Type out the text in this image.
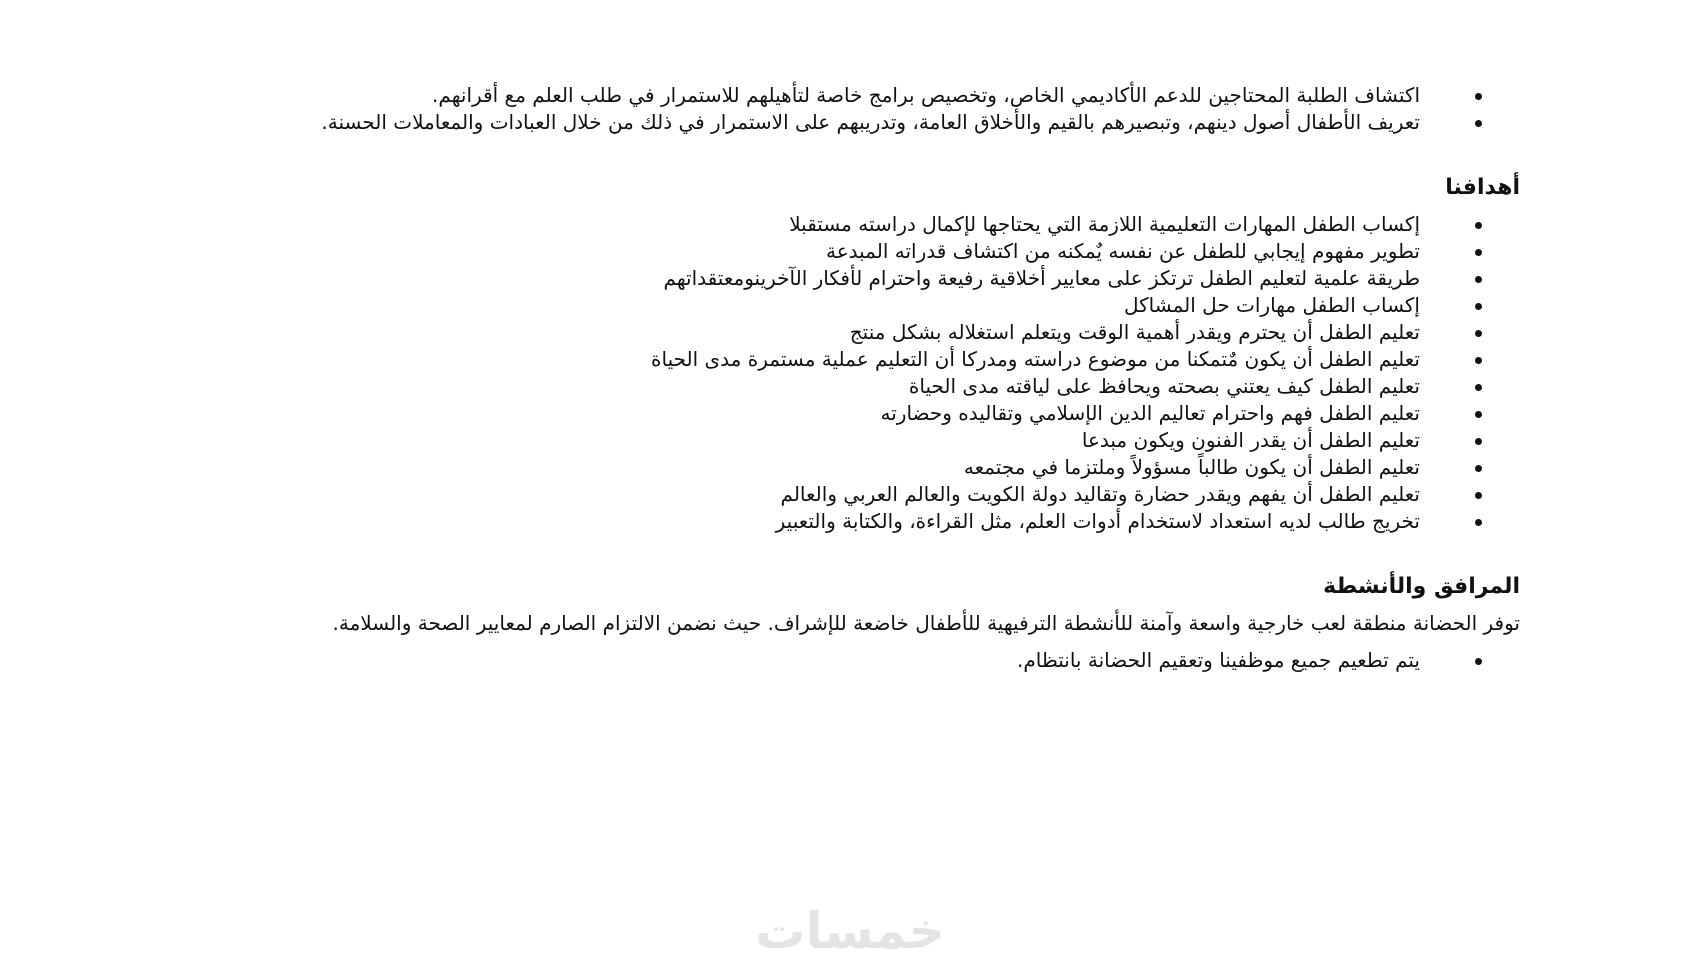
اكتشاف الطلبة المحتاجين للدعم الأكاديمي الخاص، وتخصيص برامج خاصة لتأهيلهم للاستمرار في طلب العلم مع أقرانهم.
تعريف الأطفال أصول دينهم، وتبصيرهم بالقيم والأخلاق العامة، وتدريبهم على الاستمرار في ذلك من خلال العبادات والمعاملات الحسنة.
أهدافنا
إكساب الطفل المهارات التعليمية اللازمة التي يحتاجها لإكمال دراسته مستقبلا
تطوير مفهوم إيجابي للطفل عن نفسه يٌمكنه من اكتشاف قدراته المبدعة
طريقة علمية لتعليم الطفل ترتكز على معايير أخلاقية رفيعة واحترام لأفكار الآخرينومعتقداتهم
إكساب الطفل مهارات حل المشاكل
تعليم الطفل أن يحترم ويقدر أهمية الوقت ويتعلم استغلاله بشكل منتج
تعليم الطفل أن يكون مٌتمكنا من موضوع دراسته ومدركا أن التعليم عملية مستمرة مدى الحياة
تعليم الطفل كيف يعتني بصحته ويحافظ على لياقته مدى الحياة
تعليم الطفل فهم واحترام تعاليم الدين الإسلامي وتقاليده وحضارته
تعليم الطفل أن يقدر الفنون ويكون مبدعا
تعليم الطفل أن يكون طالباً مسؤولاً وملتزما في مجتمعه
تعليم الطفل أن يفهم ويقدر حضارة وتقاليد دولة الكويت والعالم العربي والعالم
تخريج طالب لديه استعداد لاستخدام أدوات العلم، مثل القراءة، والكتابة والتعبير
المرافق والأنشطة

توفر الحضانة منطقة لعب خارجية واسعة وآمنة للأنشطة الترفيهية للأطفال خاضعة للإشراف. حيث نضمن الالتزام الصارم لمعايير الصحة والسلامة.

يتم تطعيم جميع موظفينا وتعقيم الحضانة بانتظام.
خمسات
